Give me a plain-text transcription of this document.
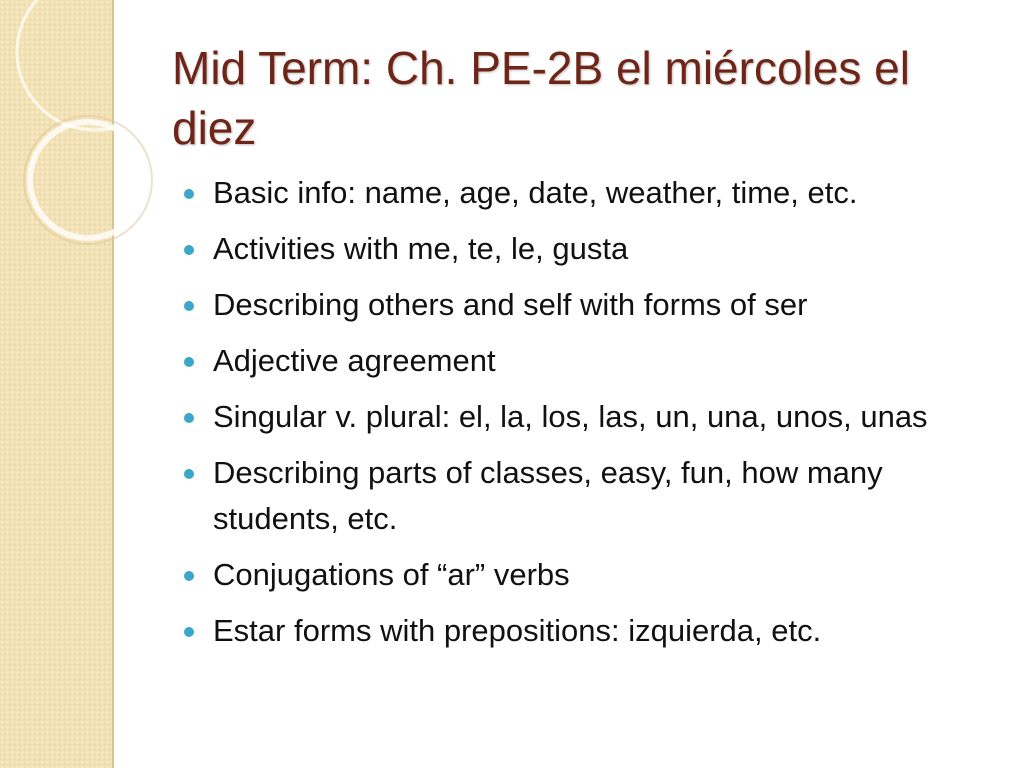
Mid Term: Ch. PE-2B el miércoles el diez
Basic info: name, age, date, weather, time, etc.
Activities with me, te, le, gusta
Describing others and self with forms of ser
Adjective agreement
Singular v. plural: el, la, los, las, un, una, unos, unas
Describing parts of classes, easy, fun, how many students, etc.
Conjugations of “ar” verbs
Estar forms with prepositions: izquierda, etc.
